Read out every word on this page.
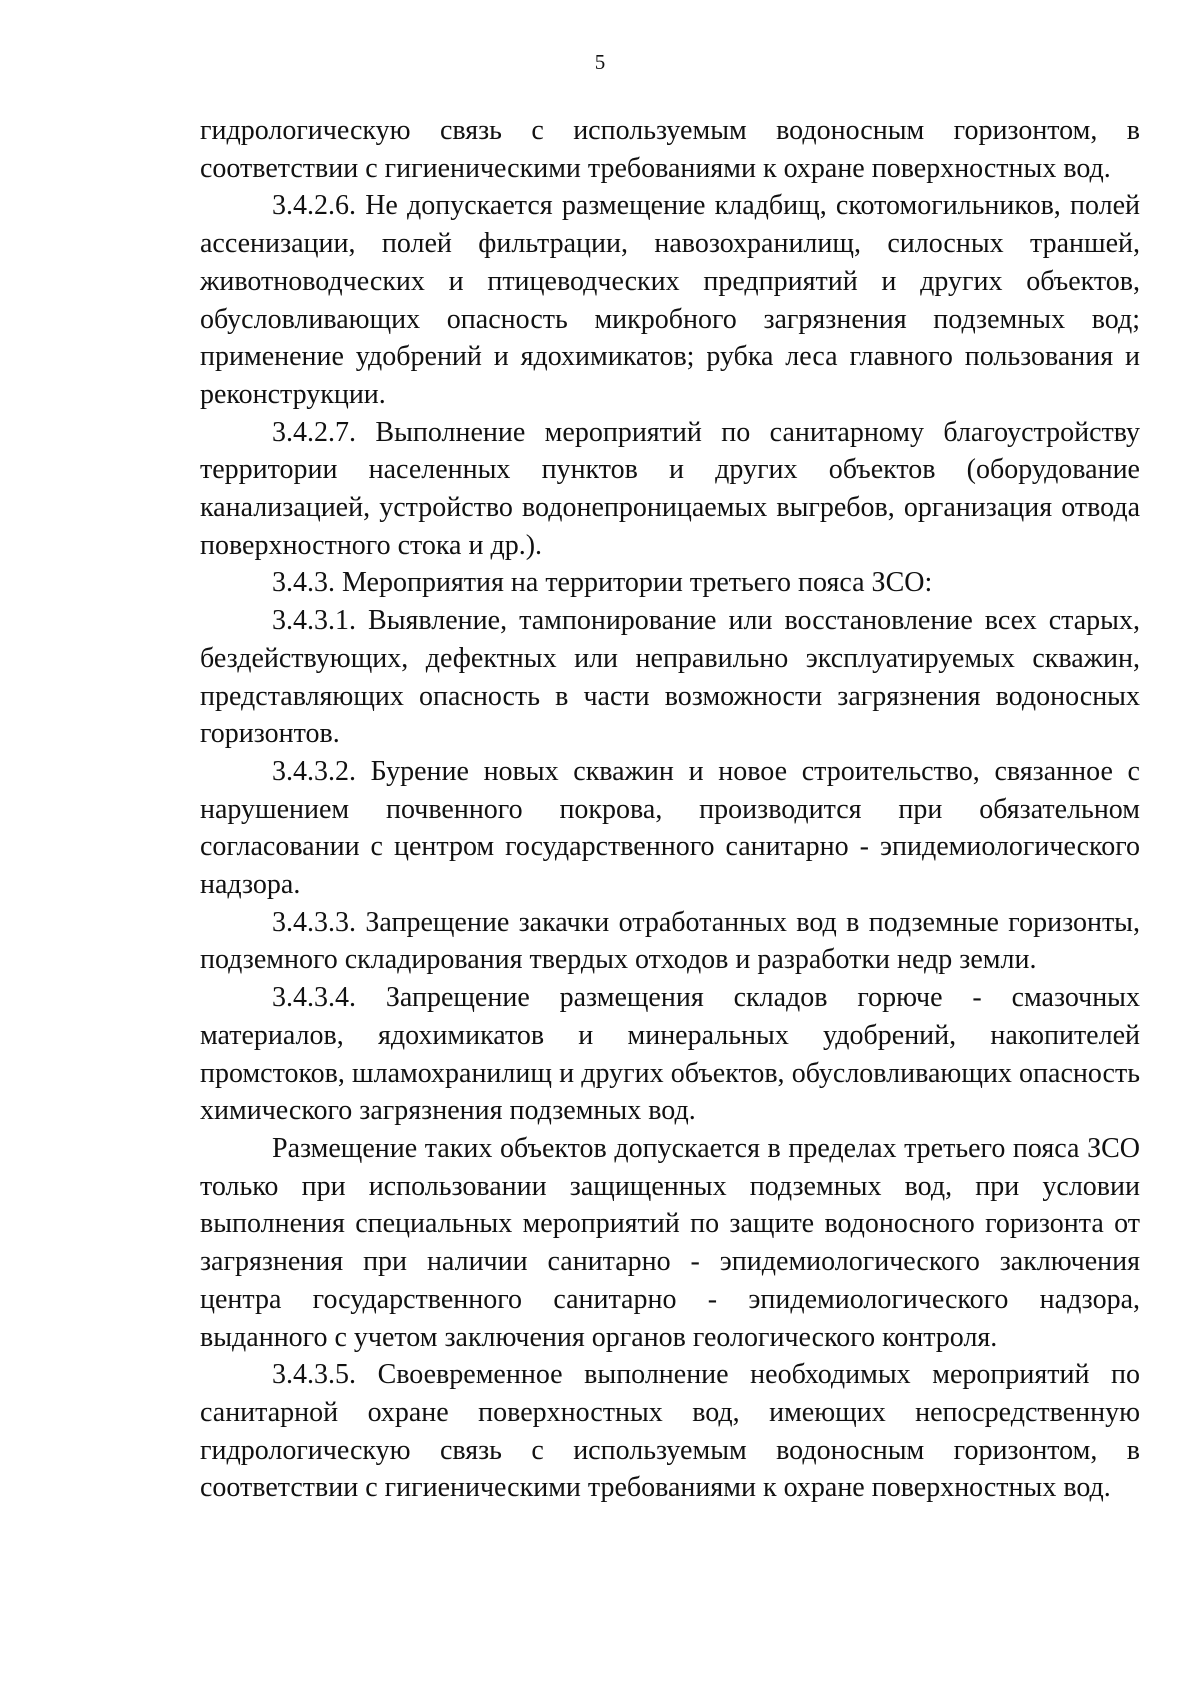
5

гидрологическую связь с используемым водоносным горизонтом, в соответствии с гигиеническими требованиями к охране поверхностных вод.

3.4.2.6. Не допускается размещение кладбищ, скотомогильников, полей ассенизации, полей фильтрации, навозохранилищ, силосных траншей, животноводческих и птицеводческих предприятий и других объектов, обусловливающих опасность микробного загрязнения подземных вод; применение удобрений и ядохимикатов; рубка леса главного пользования и реконструкции.

3.4.2.7. Выполнение мероприятий по санитарному благоустройству территории населенных пунктов и других объектов (оборудование канализацией, устройство водонепроницаемых выгребов, организация отвода поверхностного стока и др.).

3.4.3. Мероприятия на территории третьего пояса ЗСО:

3.4.3.1. Выявление, тампонирование или восстановление всех старых, бездействующих, дефектных или неправильно эксплуатируемых скважин, представляющих опасность в части возможности загрязнения водоносных горизонтов.

3.4.3.2. Бурение новых скважин и новое строительство, связанное с нарушением почвенного покрова, производится при обязательном согласовании с центром государственного санитарно - эпидемиологического надзора.

3.4.3.3. Запрещение закачки отработанных вод в подземные горизонты, подземного складирования твердых отходов и разработки недр земли.

3.4.3.4. Запрещение размещения складов горюче - смазочных материалов, ядохимикатов и минеральных удобрений, накопителей промстоков, шламохранилищ и других объектов, обусловливающих опасность химического загрязнения подземных вод.

Размещение таких объектов допускается в пределах третьего пояса ЗСО только при использовании защищенных подземных вод, при условии выполнения специальных мероприятий по защите водоносного горизонта от загрязнения при наличии санитарно - эпидемиологического заключения центра государственного санитарно - эпидемиологического надзора, выданного с учетом заключения органов геологического контроля.

3.4.3.5. Своевременное выполнение необходимых мероприятий по санитарной охране поверхностных вод, имеющих непосредственную гидрологическую связь с используемым водоносным горизонтом, в соответствии с гигиеническими требованиями к охране поверхностных вод.
